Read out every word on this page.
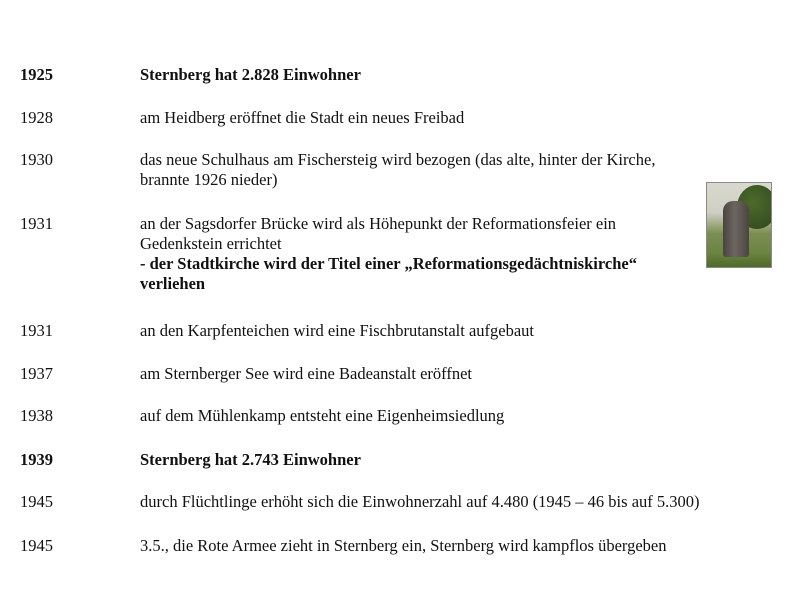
1925	Sternberg hat 2.828 Einwohner
1928	am Heidberg eröffnet die Stadt ein neues Freibad
1930	das neue Schulhaus am Fischersteig wird bezogen (das alte, hinter der Kirche,
brannte 1926 nieder)
1931	an der Sagsdorfer Brücke wird als Höhepunkt der Reformationsfeier ein
Gedenkstein errichtet
- der Stadtkirche wird der Titel einer „Reformationsgedächtniskirche“
verliehen
1931	an den Karpfenteichen wird eine Fischbrutanstalt aufgebaut
1937	am Sternberger See wird eine Badeanstalt eröffnet
1938	auf dem Mühlenkamp entsteht eine Eigenheimsiedlung
1939	Sternberg hat 2.743 Einwohner
1945	durch Flüchtlinge erhöht sich die Einwohnerzahl auf 4.480 (1945 – 46 bis auf 5.300)
1945	3.5., die Rote Armee zieht in Sternberg ein, Sternberg wird kampflos übergeben
